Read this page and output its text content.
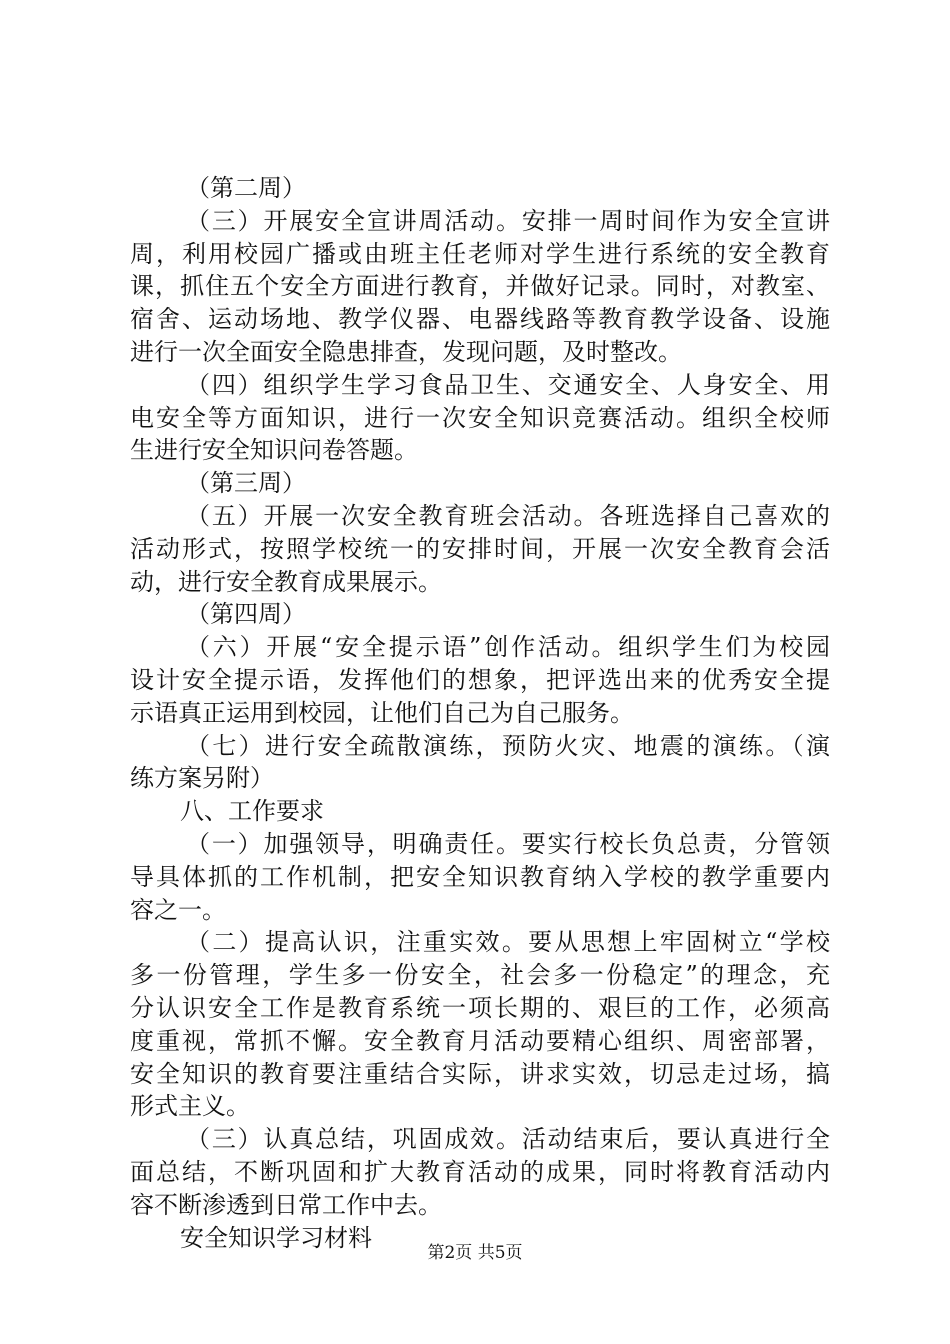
（第二周）
（三）开展安全宣讲周活动。安排一周时间作为安全宣讲
周，利用校园广播或由班主任老师对学生进行系统的安全教育
课，抓住五个安全方面进行教育，并做好记录。同时，对教室、
宿舍、运动场地、教学仪器、电器线路等教育教学设备、设施
进行一次全面安全隐患排查，发现问题，及时整改。
（四）组织学生学习食品卫生、交通安全、人身安全、用
电安全等方面知识，进行一次安全知识竞赛活动。组织全校师
生进行安全知识问卷答题。
（第三周）
（五）开展一次安全教育班会活动。各班选择自己喜欢的
活动形式，按照学校统一的安排时间，开展一次安全教育会活
动，进行安全教育成果展示。
（第四周）
（六）开展“安全提示语”创作活动。组织学生们为校园
设计安全提示语，发挥他们的想象，把评选出来的优秀安全提
示语真正运用到校园，让他们自己为自己服务。
（七）进行安全疏散演练，预防火灾、地震的演练。（演
练方案另附）
八、工作要求
（一）加强领导，明确责任。要实行校长负总责，分管领
导具体抓的工作机制，把安全知识教育纳入学校的教学重要内
容之一。
（二）提高认识，注重实效。要从思想上牢固树立“学校
多一份管理，学生多一份安全，社会多一份稳定”的理念，充
分认识安全工作是教育系统一项长期的、艰巨的工作，必须高
度重视，常抓不懈。安全教育月活动要精心组织、周密部署，
安全知识的教育要注重结合实际，讲求实效，切忌走过场，搞
形式主义。
（三）认真总结，巩固成效。活动结束后，要认真进行全
面总结，不断巩固和扩大教育活动的成果，同时将教育活动内
容不断渗透到日常工作中去。
安全知识学习材料
第2页 共5页
